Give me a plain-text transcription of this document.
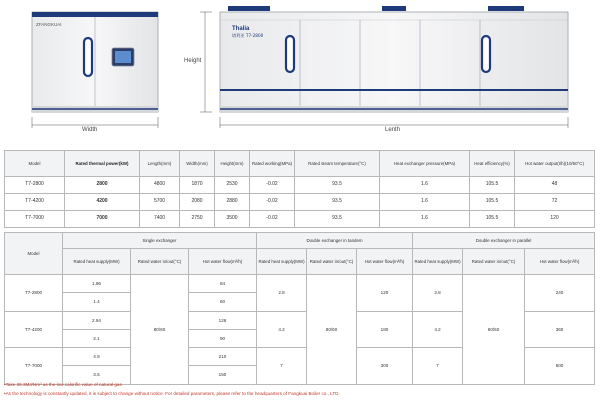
ZFANGKUAI
Thalia
塔利亚 T7-2800
Width
Height
Lenth
Model	Rated thermal power(kW)	Length(mm)	Width(mm)	Height(mm)	Rated working(MPa)	Rated steam temperature(°C)	Heat exchanger pressure(MPa)	Heat efficiency(%)	Hot water output(t/h)(10/60°C)
T7-2800	2800	4800	1870	2530	-0.02	93.5	1.6	105.5	48
T7-4200	4200	5700	2080	2880	-0.02	93.5	1.6	105.5	72
T7-7000	7000	7400	2750	3500	-0.02	93.5	1.6	105.5	120
Model	Single exchanger			Double exchanger in tandem			Double exchanger in parallel		
	Rated heat supply(MW)	Rated water in/out(°C)	Hot water flow(m³/h)	Rated heat supply(MW)	Rated water in/out(°C)	Hot water flow(m³/h)	Rated heat supply(MW)	Rated water in/out(°C)	Hot water flow(m³/h)
T7-2800	1.96	80/60	84	2.8	80/60	120	2.8	60/50	240
	1.4		60						
T7-4200	2.94		126	4.2		180	4.2		360
	2.1		90						
T7-7000	4.9		210	7		300	7		600
	3.5		150						
•Take 38.3MJ/Nm³ as the low calorific value of natural gas
•As the technology is constantly updated, it is subject to change without notice. For detailed parameters, please refer to the headquarters of Fangkuai Boiler co., LTD.
